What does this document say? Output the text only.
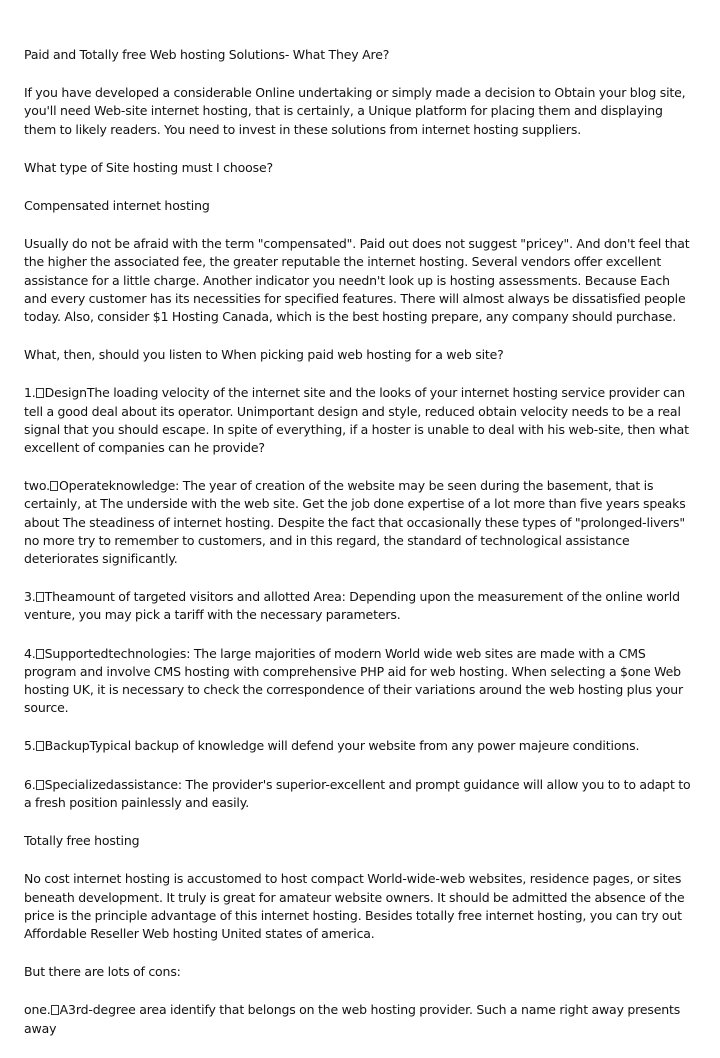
Paid and Totally free Web hosting Solutions- What They Are?

If you have developed a considerable Online undertaking or simply made a decision to Obtain your blog site, you'll need Web-site internet hosting, that is certainly, a Unique platform for placing them and displaying them to likely readers. You need to invest in these solutions from internet hosting suppliers.

What type of Site hosting must I choose?

Compensated internet hosting

Usually do not be afraid with the term "compensated". Paid out does not suggest "pricey". And don't feel that the higher the associated fee, the greater reputable the internet hosting. Several vendors offer excellent assistance for a little charge. Another indicator you needn't look up is hosting assessments. Because Each and every customer has its necessities for specified features. There will almost always be dissatisfied people today. Also, consider $1 Hosting Canada, which is the best hosting prepare, any company should purchase.

What, then, should you listen to When picking paid web hosting for a web site?

1. DesignThe loading velocity of the internet site and the looks of your internet hosting service provider can tell a good deal about its operator. Unimportant design and style, reduced obtain velocity needs to be a real signal that you should escape. In spite of everything, if a hoster is unable to deal with his web-site, then what excellent of companies can he provide?

two. Operateknowledge: The year of creation of the website may be seen during the basement, that is certainly, at The underside with the web site. Get the job done expertise of a lot more than five years speaks about The steadiness of internet hosting. Despite the fact that occasionally these types of "prolonged-livers" no more try to remember to customers, and in this regard, the standard of technological assistance deteriorates significantly.

3. Theamount of targeted visitors and allotted Area: Depending upon the measurement of the online world venture, you may pick a tariff with the necessary parameters.

4. Supportedtechnologies: The large majorities of modern World wide web sites are made with a CMS program and involve CMS hosting with comprehensive PHP aid for web hosting. When selecting a $one Web hosting UK, it is necessary to check the correspondence of their variations around the web hosting plus your source.

5. BackupTypical backup of knowledge will defend your website from any power majeure conditions.

6. Specializedassistance: The provider's superior-excellent and prompt guidance will allow you to to adapt to a fresh position painlessly and easily.

Totally free hosting

No cost internet hosting is accustomed to host compact World-wide-web websites, residence pages, or sites beneath development. It truly is great for amateur website owners. It should be admitted the absence of the price is the principle advantage of this internet hosting. Besides totally free internet hosting, you can try out Affordable Reseller Web hosting United states of america.

But there are lots of cons:

one. A3rd-degree area identify that belongs on the web hosting provider. Such a name right away presents away
